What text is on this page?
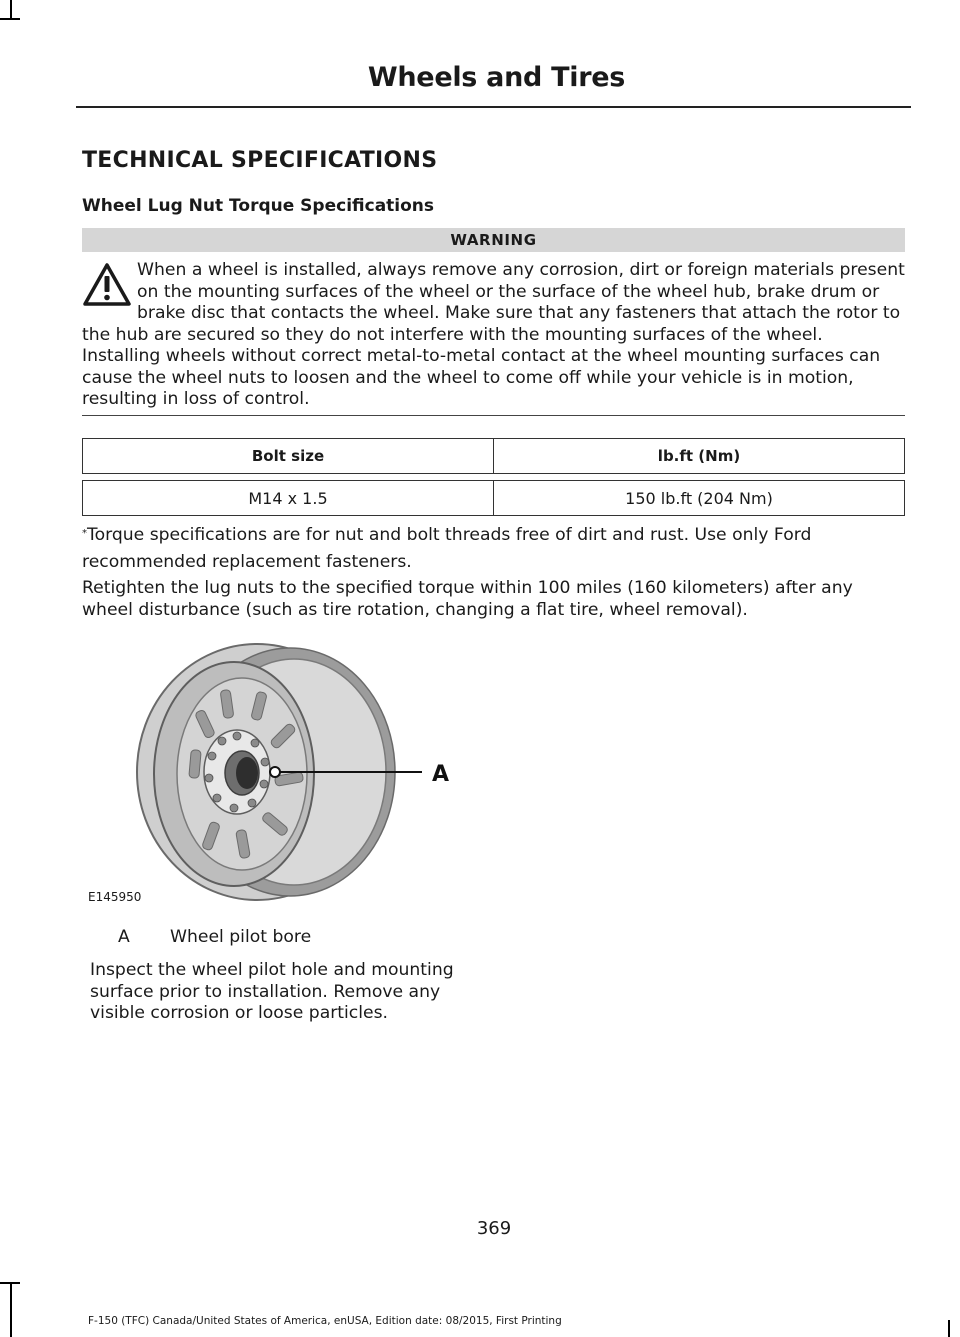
Wheels and Tires
TECHNICAL SPECIFICATIONS
Wheel Lug Nut Torque Specifications
WARNING
When a wheel is installed, always remove any corrosion, dirt or foreign materials present on the mounting surfaces of the wheel or the surface of the wheel hub, brake drum or brake disc that contacts the wheel. Make sure that any fasteners that attach the rotor to the hub are secured so they do not interfere with the mounting surfaces of the wheel. Installing wheels without correct metal-to-metal contact at the wheel mounting surfaces can cause the wheel nuts to loosen and the wheel to come off while your vehicle is in motion, resulting in loss of control.
Bolt size	lb.ft (Nm)

M14 x 1.5	150 lb.ft (204 Nm)
*Torque specifications are for nut and bolt threads free of dirt and rust. Use only Ford recommended replacement fasteners.
Retighten the lug nuts to the specified torque within 100 miles (160 kilometers) after any wheel disturbance (such as tire rotation, changing a flat tire, wheel removal).
A
E145950
A Wheel pilot bore
Inspect the wheel pilot hole and mounting surface prior to installation. Remove any visible corrosion or loose particles.
369
F-150 (TFC) Canada/United States of America, enUSA, Edition date: 08/2015, First Printing
